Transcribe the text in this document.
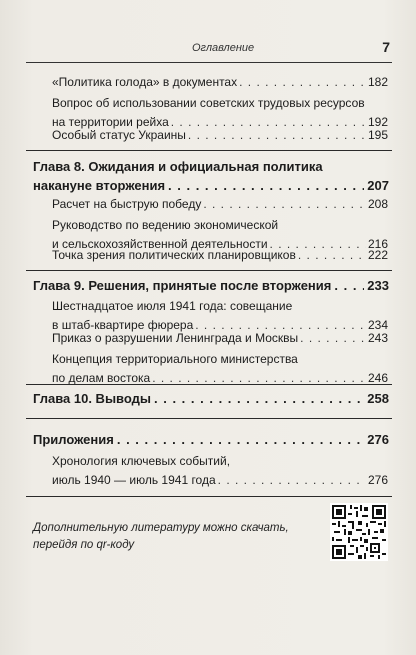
Оглавление	7
«Политика голода» в документах . . .	182
Вопрос об использовании советских трудовых ресурсов
на территории рейха . . .	192
Особый статус Украины . . .	195
Глава 8. Ожидания и официальная политика
накануне вторжения . . .	207
Расчет на быструю победу . . .	208
Руководство по ведению экономической
и сельскохозяйственной деятельности . . .	216
Точка зрения политических планировщиков . . .	222
Глава 9. Решения, принятые после вторжения . . .	233
Шестнадцатое июля 1941 года: совещание
в штаб-квартире фюрера . . .	234
Приказ о разрушении Ленинграда и Москвы . . .	243
Концепция территориального министерства
по делам востока . . .	246
Глава 10. Выводы . . .	258
Приложения . . .	276
Хронология ключевых событий,
июль 1940 — июль 1941 года . . .	276
Дополнительную литературу можно скачать,
перейдя по qr-коду
